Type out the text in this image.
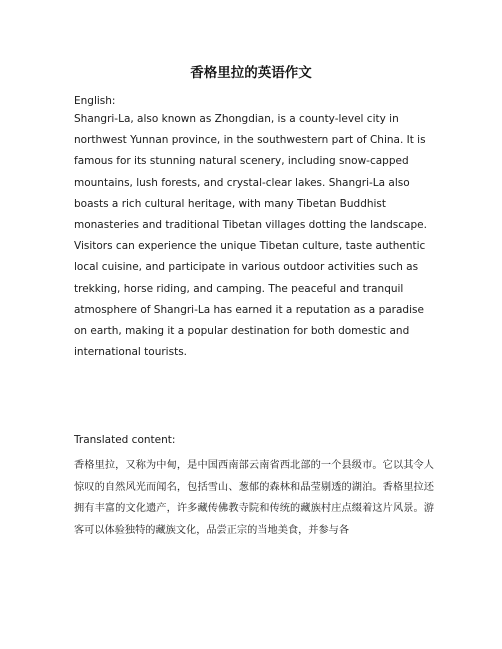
香格里拉的英语作文
English:

Shangri-La, also known as Zhongdian, is a county-level city in northwest Yunnan province, in the southwestern part of China. It is famous for its stunning natural scenery, including snow-capped mountains, lush forests, and crystal-clear lakes. Shangri-La also boasts a rich cultural heritage, with many Tibetan Buddhist monasteries and traditional Tibetan villages dotting the landscape. Visitors can experience the unique Tibetan culture, taste authentic local cuisine, and participate in various outdoor activities such as trekking, horse riding, and camping. The peaceful and tranquil atmosphere of Shangri-La has earned it a reputation as a paradise on earth, making it a popular destination for both domestic and international tourists.

Translated content:

香格里拉，又称为中甸，是中国西南部云南省西北部的一个县级市。它以其令人惊叹的自然风光而闻名，包括雪山、葱郁的森林和晶莹剔透的湖泊。香格里拉还拥有丰富的文化遗产，许多藏传佛教寺院和传统的藏族村庄点缀着这片风景。游客可以体验独特的藏族文化，品尝正宗的当地美食，并参与各
